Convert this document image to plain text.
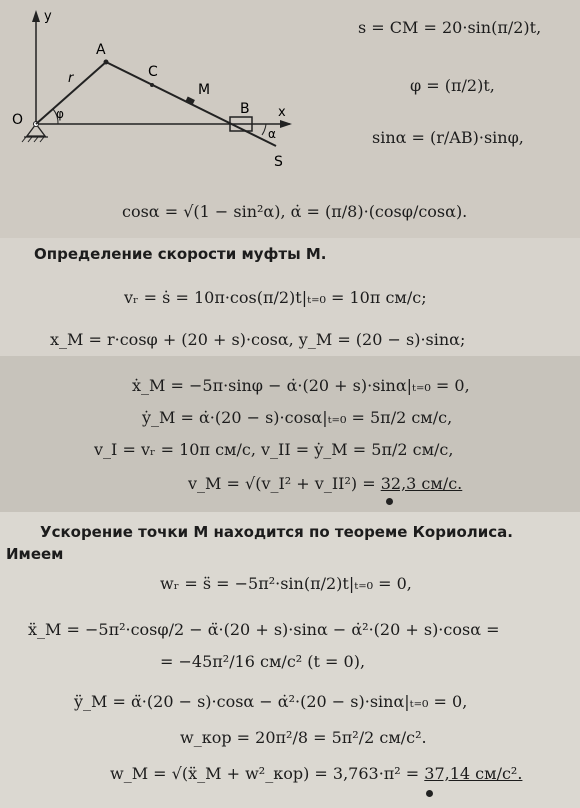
y
x
O
A
r
φ
C
M
B
α
S
s = CM = 20·sin(π/2)t,
φ = (π/2)t,
sinα = (r/AB)·sinφ,
cosα = √(1 − sin²α), α̇ = (π/8)·(cosφ/cosα).
Определение скорости муфты М.
vᵣ = ṡ = 10π·cos(π/2)t|ₜ₌₀ = 10π см/с;
x_M = r·cosφ + (20 + s)·cosα, y_M = (20 − s)·sinα;
ẋ_M = −5π·sinφ − α̇·(20 + s)·sinα|ₜ₌₀ = 0,
ẏ_M = α̇·(20 − s)·cosα|ₜ₌₀ = 5π/2 см/с,
v_I = vᵣ = 10π см/с, v_II = ẏ_M = 5π/2 см/с,
v_M = √(v_I² + v_II²) = 32,3 см/с.
Ускорение точки М находится по теореме Кориолиса.
Имеем
wᵣ = s̈ = −5π²·sin(π/2)t|ₜ₌₀ = 0,
ẍ_M = −5π²·cosφ/2 − α̈·(20 + s)·sinα − α̇²·(20 + s)·cosα =
= −45π²/16 см/с² (t = 0),
ÿ_M = α̈·(20 − s)·cosα − α̇²·(20 − s)·sinα|ₜ₌₀ = 0,
w_кор = 20π²/8 = 5π²/2 см/с².
w_M = √(ẍ_M + w²_кор) = 3,763·π² = 37,14 см/с².
